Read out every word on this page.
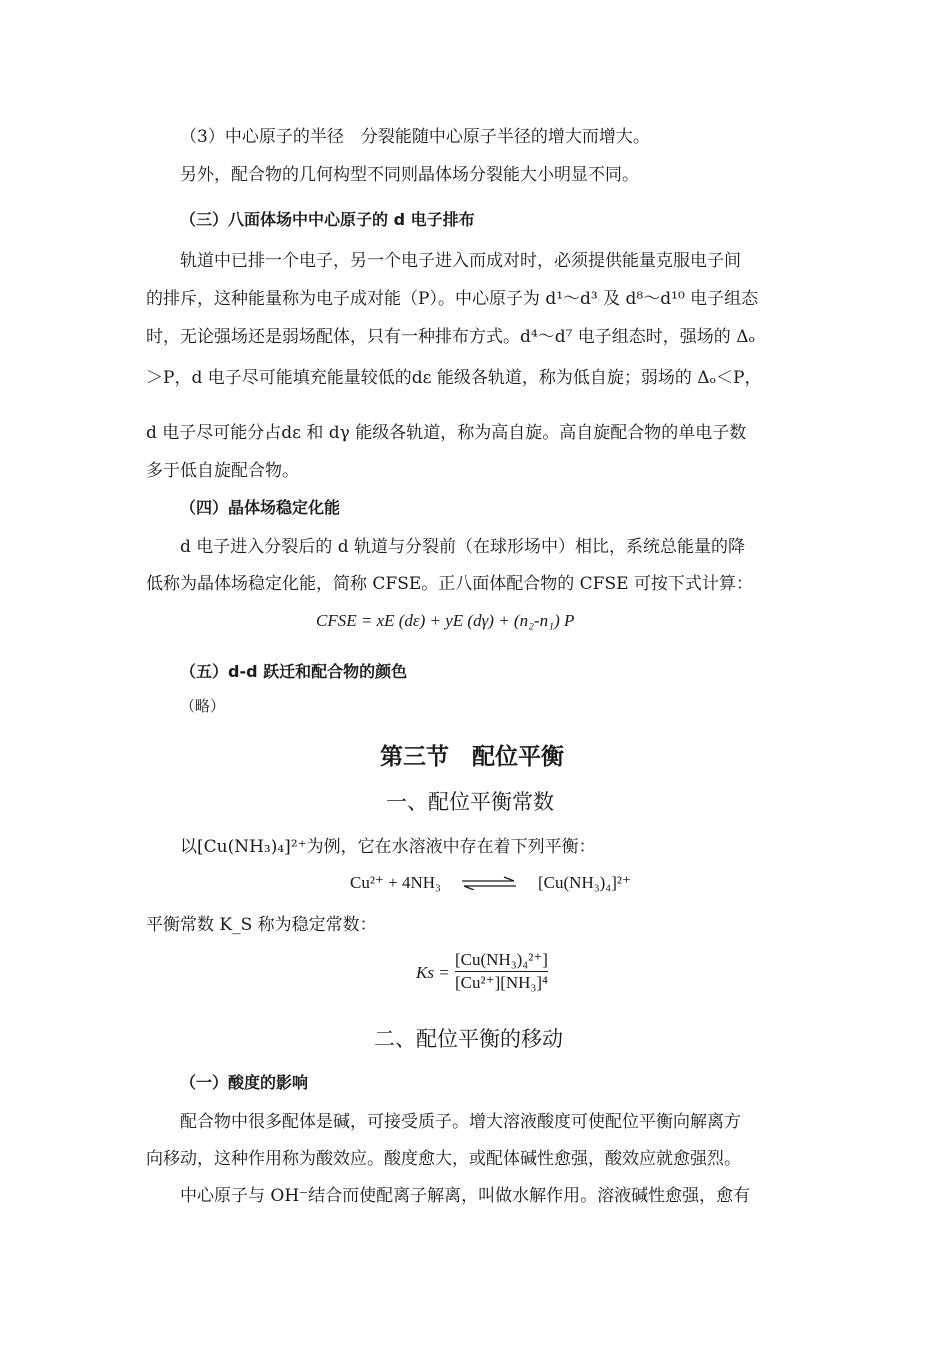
（3）中心原子的半径　分裂能随中心原子半径的增大而增大。
另外，配合物的几何构型不同则晶体场分裂能大小明显不同。
（三）八面体场中中心原子的 d 电子排布
轨道中已排一个电子，另一个电子进入而成对时，必须提供能量克服电子间
的排斥，这种能量称为电子成对能（P）。中心原子为 d¹～d³ 及 d⁸～d¹⁰ 电子组态
时，无论强场还是弱场配体，只有一种排布方式。d⁴～d⁷ 电子组态时，强场的 Δₒ
＞P，d 电子尽可能填充能量较低的dε 能级各轨道，称为低自旋；弱场的 Δₒ＜P，
d 电子尽可能分占dε 和 dγ 能级各轨道，称为高自旋。高自旋配合物的单电子数
多于低自旋配合物。
（四）晶体场稳定化能
d 电子进入分裂后的 d 轨道与分裂前（在球形场中）相比，系统总能量的降
低称为晶体场稳定化能，简称 CFSE。正八面体配合物的 CFSE 可按下式计算：
CFSE = xE (dε) + yE (dγ) + (n₂-n₁) P
（五）d-d 跃迁和配合物的颜色
（略）
第三节　配位平衡
一、配位平衡常数
以[Cu(NH₃)₄]²⁺为例，它在水溶液中存在着下列平衡：
Cu²⁺ + 4NH₃ ⇌ [Cu(NH₃)₄]²⁺
平衡常数 K_S 称为稳定常数：
Ks =
[Cu(NH₃)₄²⁺]
[Cu²⁺][NH₃]⁴
二、配位平衡的移动
（一）酸度的影响
配合物中很多配体是碱，可接受质子。增大溶液酸度可使配位平衡向解离方
向移动，这种作用称为酸效应。酸度愈大，或配体碱性愈强，酸效应就愈强烈。
中心原子与 OH⁻结合而使配离子解离，叫做水解作用。溶液碱性愈强，愈有
